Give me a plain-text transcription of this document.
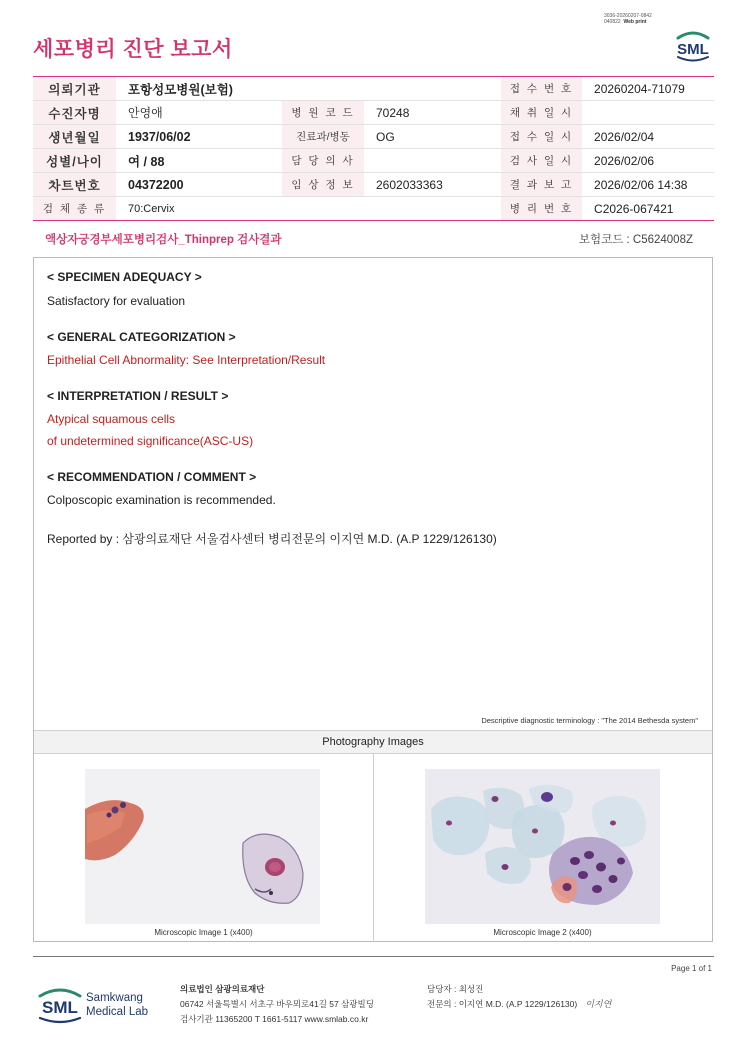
3036-20260207-0842
040822 Web print
세포병리 진단 보고서	SML
의뢰기관	포항성모병원(보험)			접 수 번 호	20260204-71079
수진자명	안영애	병 원 코 드	70248	채 취 일 시	
생년월일	1937/06/02	진료과/병동	OG	접 수 일 시	2026/02/04
성별/나이	여 / 88	담 당 의 사		검 사 일 시	2026/02/06
차트번호	04372200	임 상 정 보	2602033363	결 과 보 고	2026/02/06 14:38
검 체 종 류	70:Cervix			병 리 번 호	C2026-067421
액상자궁경부세포병리검사_Thinprep 검사결과	보험코드 : C5624008Z
< SPECIMEN ADEQUACY >
Satisfactory for evaluation
< GENERAL CATEGORIZATION >
Epithelial Cell Abnormality: See Interpretation/Result
< INTERPRETATION / RESULT >
Atypical squamous cells
of undetermined significance(ASC-US)
< RECOMMENDATION / COMMENT >
Colposcopic examination is recommended.
Reported by : 삼광의료재단 서울검사센터 병리전문의 이지연 M.D. (A.P 1229/126130)
Descriptive diagnostic terminology : "The 2014 Bethesda system"
Photography Images
Microscopic Image 1 (x400)	Microscopic Image 2 (x400)
Page 1 of 1
SML Samkwang
Medical Lab
의료법인 삼광의료재단
06742 서울특별시 서초구 바우뫼로41길 57 삼광빌딩
검사기관 11365200 T 1661-5117 www.smlab.co.kr
담당자 : 최성진
전문의 : 이지연 M.D. (A.P 1229/126130) 이지연
